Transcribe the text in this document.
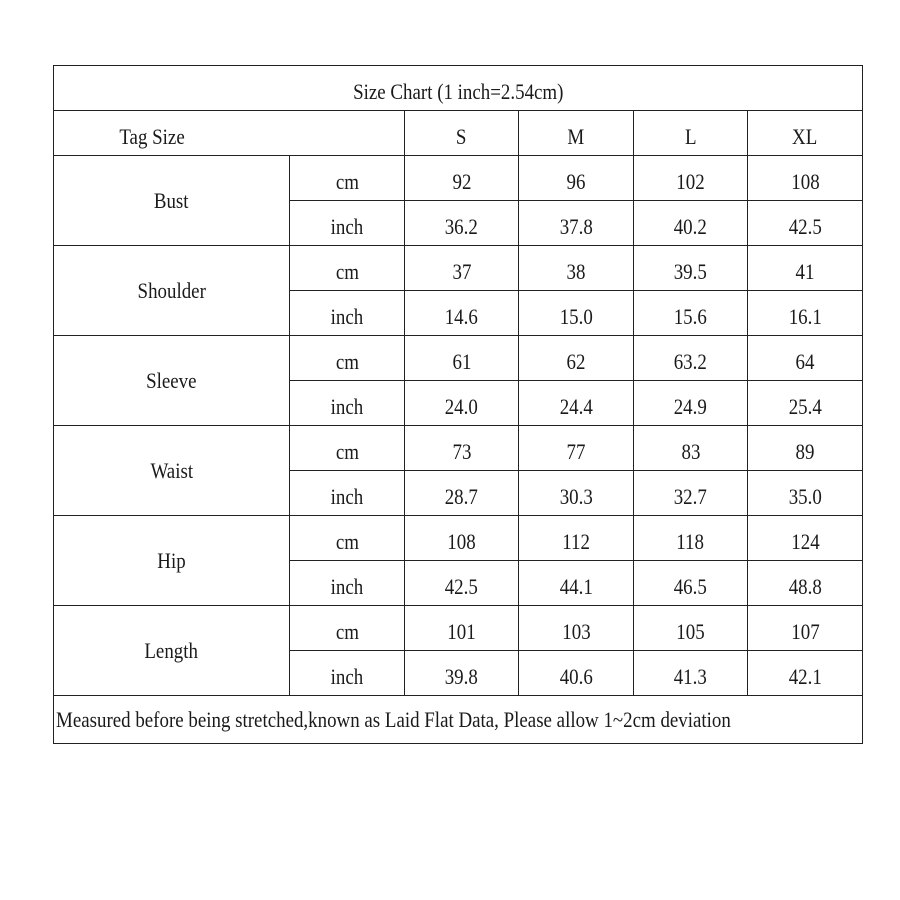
Size Chart (1 inch=2.54cm)					
Tag Size		S	M	L	XL
Bust	cm	92	96	102	108
	inch	36.2	37.8	40.2	42.5
Shoulder	cm	37	38	39.5	41
	inch	14.6	15.0	15.6	16.1
Sleeve	cm	61	62	63.2	64
	inch	24.0	24.4	24.9	25.4
Waist	cm	73	77	83	89
	inch	28.7	30.3	32.7	35.0
Hip	cm	108	112	118	124
	inch	42.5	44.1	46.5	48.8
Length	cm	101	103	105	107
	inch	39.8	40.6	41.3	42.1
Measured before being stretched,known as Laid Flat Data, Please allow 1~2cm deviation					
